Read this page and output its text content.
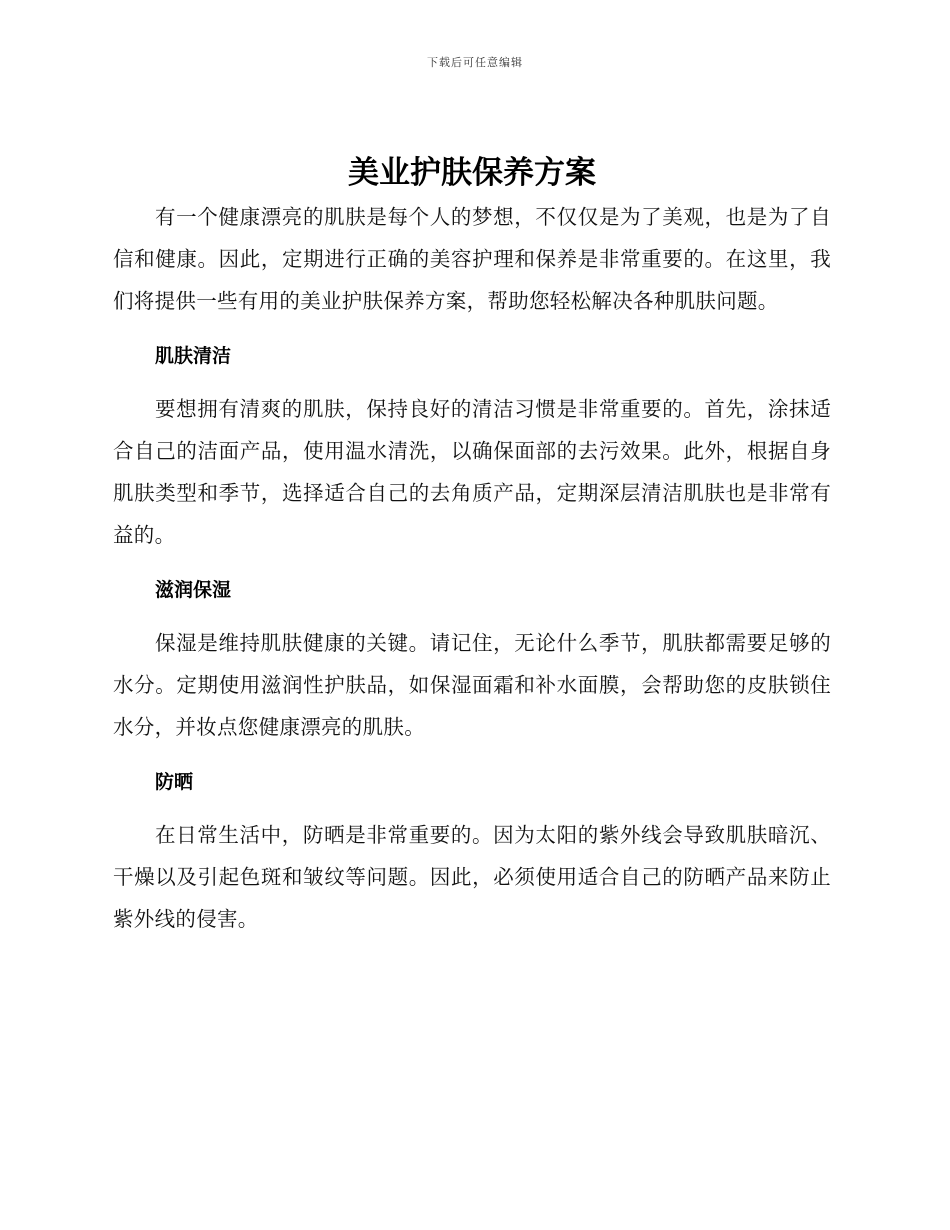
下载后可任意编辑
美业护肤保养方案

有一个健康漂亮的肌肤是每个人的梦想，不仅仅是为了美观，也是为了自信和健康。因此，定期进行正确的美容护理和保养是非常重要的。在这里，我们将提供一些有用的美业护肤保养方案，帮助您轻松解决各种肌肤问题。

肌肤清洁

要想拥有清爽的肌肤，保持良好的清洁习惯是非常重要的。首先，涂抹适合自己的洁面产品，使用温水清洗，以确保面部的去污效果。此外，根据自身肌肤类型和季节，选择适合自己的去角质产品，定期深层清洁肌肤也是非常有益的。

滋润保湿

保湿是维持肌肤健康的关键。请记住，无论什么季节，肌肤都需要足够的水分。定期使用滋润性护肤品，如保湿面霜和补水面膜，会帮助您的皮肤锁住水分，并妆点您健康漂亮的肌肤。

防晒

在日常生活中，防晒是非常重要的。因为太阳的紫外线会导致肌肤暗沉、干燥以及引起色斑和皱纹等问题。因此，必须使用适合自己的防晒产品来防止紫外线的侵害。
